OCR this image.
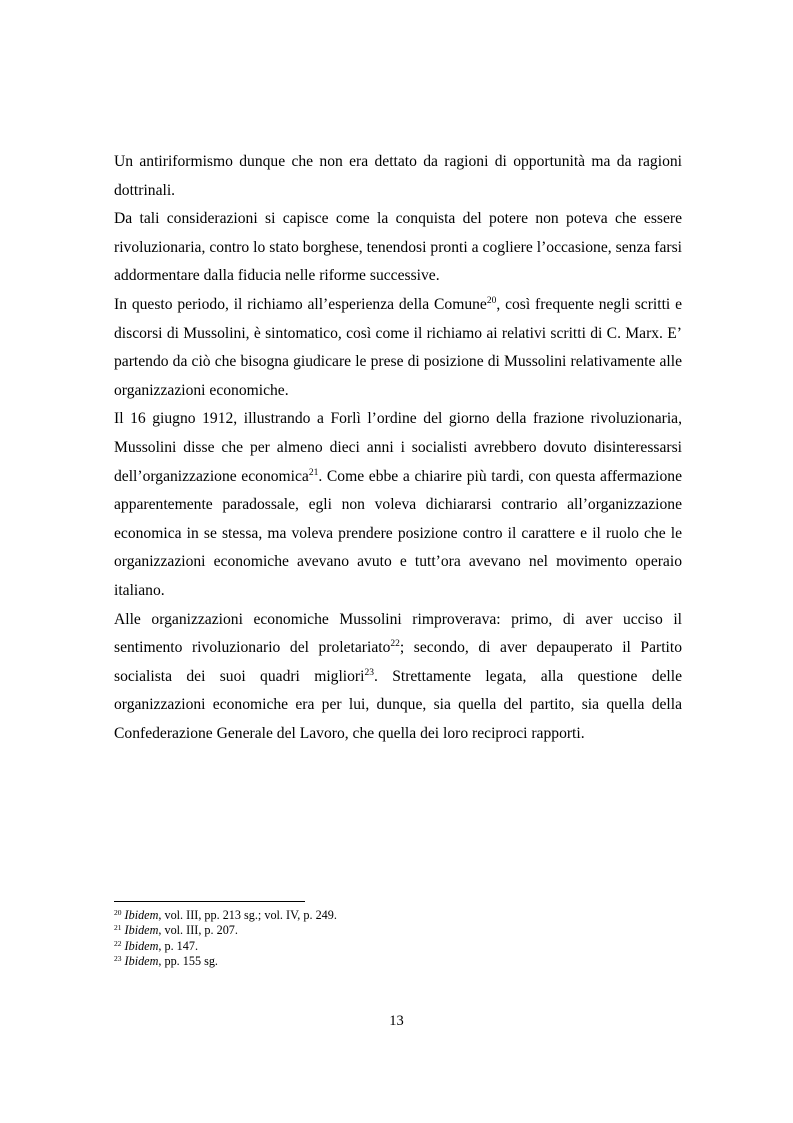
Un antiriformismo dunque che non era dettato da ragioni di opportunità ma da ragioni dottrinali.

Da tali considerazioni si capisce come la conquista del potere non poteva che essere rivoluzionaria, contro lo stato borghese, tenendosi pronti a cogliere l’occasione, senza farsi addormentare dalla fiducia nelle riforme successive.

In questo periodo, il richiamo all’esperienza della Comune$^{20}$, così frequente negli scritti e discorsi di Mussolini, è sintomatico, così come il richiamo ai relativi scritti di C. Marx. E’ partendo da ciò che bisogna giudicare le prese di posizione di Mussolini relativamente alle organizzazioni economiche.

Il 16 giugno 1912, illustrando a Forlì l’ordine del giorno della frazione rivoluzionaria, Mussolini disse che per almeno dieci anni i socialisti avrebbero dovuto disinteressarsi dell’organizzazione economica$^{21}$. Come ebbe a chiarire più tardi, con questa affermazione apparentemente paradossale, egli non voleva dichiararsi contrario all’organizzazione economica in se stessa, ma voleva prendere posizione contro il carattere e il ruolo che le organizzazioni economiche avevano avuto e tutt’ora avevano nel movimento operaio italiano.

Alle organizzazioni economiche Mussolini rimproverava: primo, di aver ucciso il sentimento rivoluzionario del proletariato$^{22}$; secondo, di aver depauperato il Partito socialista dei suoi quadri migliori$^{23}$. Strettamente legata, alla questione delle organizzazioni economiche era per lui, dunque, sia quella del partito, sia quella della Confederazione Generale del Lavoro, che quella dei loro reciproci rapporti.

$^{20}$ Ibidem, vol. III, pp. 213 sg.; vol. IV, p. 249.

$^{21}$ Ibidem, vol. III, p. 207.

$^{22}$ Ibidem, p. 147.

$^{23}$ Ibidem, pp. 155 sg.

13
